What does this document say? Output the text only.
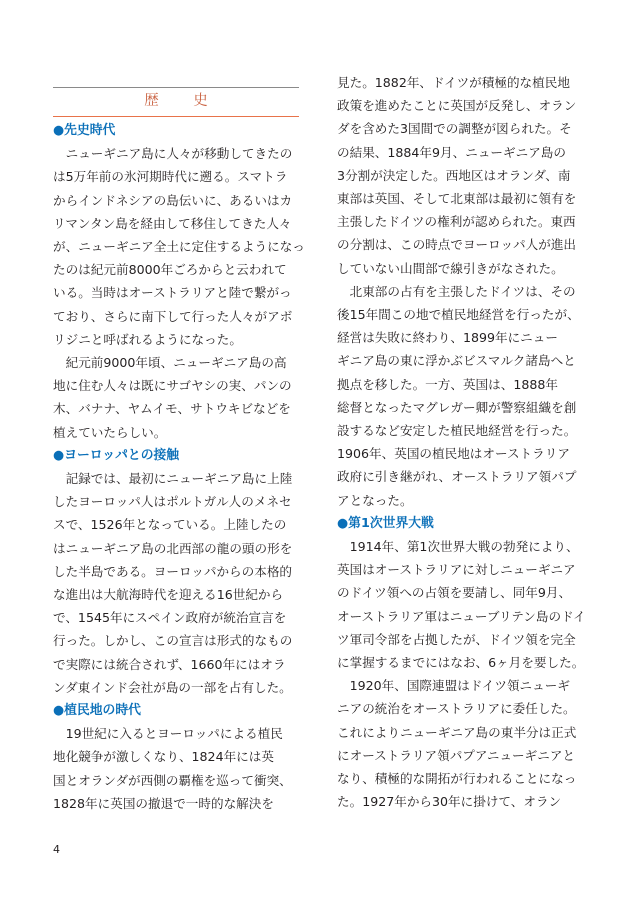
歴　史
●先史時代
　ニューギニア島に人々が移動してきたの
は5万年前の氷河期時代に遡る。スマトラ
からインドネシアの島伝いに、あるいはカ
リマンタン島を経由して移住してきた人々
が、ニューギニア全土に定住するようになっ
たのは紀元前8000年ごろからと云われて
いる。当時はオーストラリアと陸で繋がっ
ており、さらに南下して行った人々がアボ
リジニと呼ばれるようになった。
　紀元前9000年頃、ニューギニア島の高
地に住む人々は既にサゴヤシの実、パンの
木、バナナ、ヤムイモ、サトウキビなどを
植えていたらしい。
●ヨーロッパとの接触
　記録では、最初にニューギニア島に上陸
したヨーロッパ人はポルトガル人のメネセ
スで、1526年となっている。上陸したの
はニューギニア島の北西部の龍の頭の形を
した半島である。ヨーロッパからの本格的
な進出は大航海時代を迎える16世紀から
で、1545年にスペイン政府が統治宣言を
行った。しかし、この宣言は形式的なもの
で実際には統合されず、1660年にはオラ
ンダ東インド会社が島の一部を占有した。
●植民地の時代
　19世紀に入るとヨーロッパによる植民
地化競争が激しくなり、1824年には英
国とオランダが西側の覇権を巡って衝突、
1828年に英国の撤退で一時的な解決を
見た。1882年、ドイツが積極的な植民地
政策を進めたことに英国が反発し、オラン
ダを含めた3国間での調整が図られた。そ
の結果、1884年9月、ニューギニア島の
3分割が決定した。西地区はオランダ、南
東部は英国、そして北東部は最初に領有を
主張したドイツの権利が認められた。東西
の分割は、この時点でヨーロッパ人が進出
していない山間部で線引きがなされた。
　北東部の占有を主張したドイツは、その
後15年間この地で植民地経営を行ったが、
経営は失敗に終わり、1899年にニュー
ギニア島の東に浮かぶビスマルク諸島へと
拠点を移した。一方、英国は、1888年
総督となったマグレガー卿が警察組織を創
設するなど安定した植民地経営を行った。
1906年、英国の植民地はオーストラリア
政府に引き継がれ、オーストラリア領パプ
アとなった。
●第1次世界大戦
　1914年、第1次世界大戦の勃発により、
英国はオーストラリアに対しニューギニア
のドイツ領への占領を要請し、同年9月、
オーストラリア軍はニューブリテン島のドイ
ツ軍司令部を占拠したが、ドイツ領を完全
に掌握するまでにはなお、6ヶ月を要した。
　1920年、国際連盟はドイツ領ニューギ
ニアの統治をオーストラリアに委任した。
これによりニューギニア島の東半分は正式
にオーストラリア領パプアニューギニアと
なり、積極的な開拓が行われることになっ
た。1927年から30年に掛けて、オラン
4
